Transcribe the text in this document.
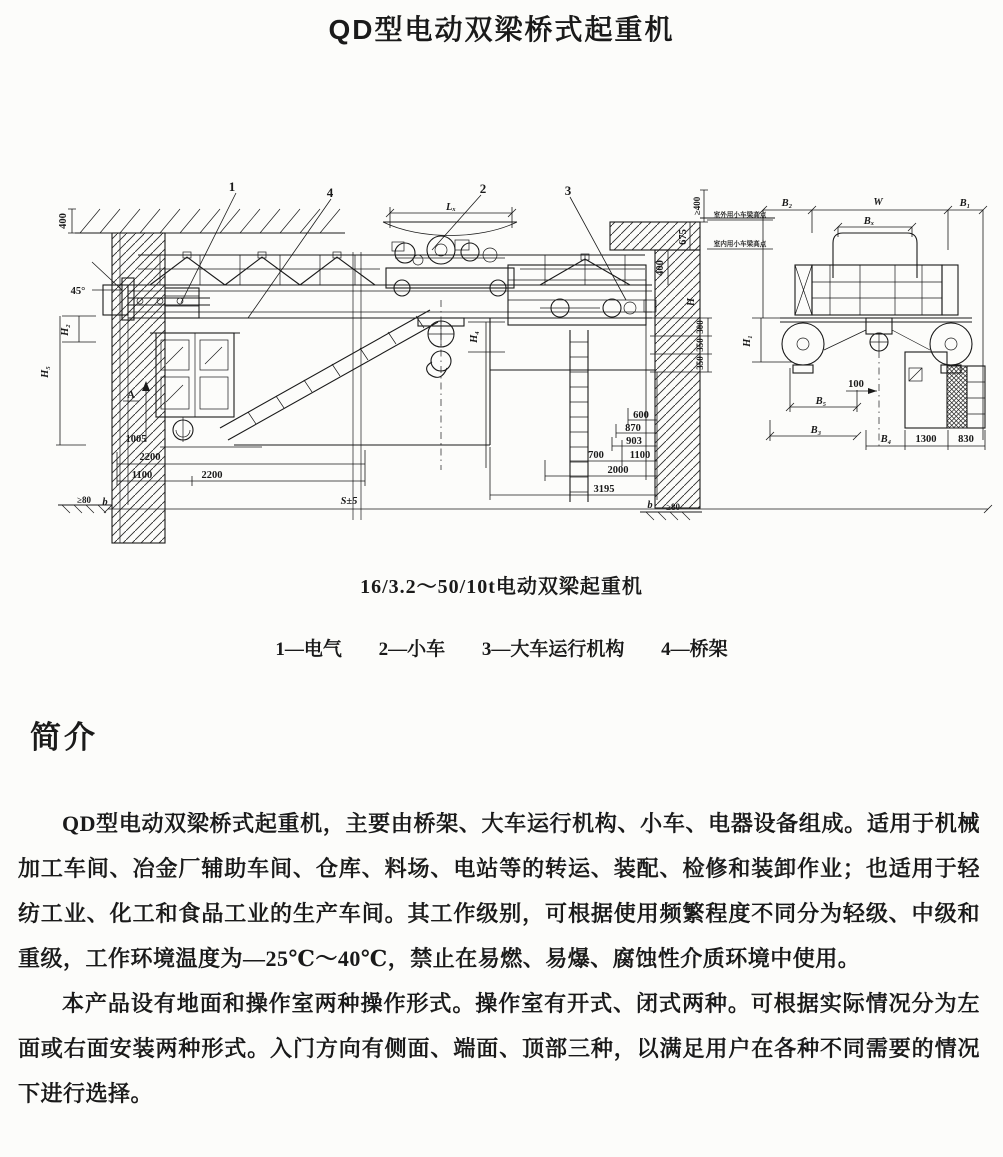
QD型电动双梁桥式起重机
1	4	2	3
Lₓ
400
45°
H₂
H₅
H₄
A
1005
2200
1100	2200
≥80 b	S±5
3195
2000
700 1100
903
870
600
≥400
675
400
H
300
350
350
室外用小车梁高点
室内用小车梁高点
b ≥80
B₂	W	B₁
Bₓ
H₁
100
B₅
B₃
B₄ 1300 830
16/3.2～50/10t电动双梁起重机
1—电气 2—小车 3—大车运行机构 4—桥架
简介

QD型电动双梁桥式起重机，主要由桥架、大车运行机构、小车、电器设备组成。适用于机械加工车间、冶金厂辅助车间、仓库、料场、电站等的转运、装配、检修和装卸作业；也适用于轻纺工业、化工和食品工业的生产车间。其工作级别，可根据使用频繁程度不同分为轻级、中级和重级，工作环境温度为—25℃～40℃，禁止在易燃、易爆、腐蚀性介质环境中使用。

本产品设有地面和操作室两种操作形式。操作室有开式、闭式两种。可根据实际情况分为左面或右面安装两种形式。入门方向有侧面、端面、顶部三种，以满足用户在各种不同需要的情况下进行选择。
